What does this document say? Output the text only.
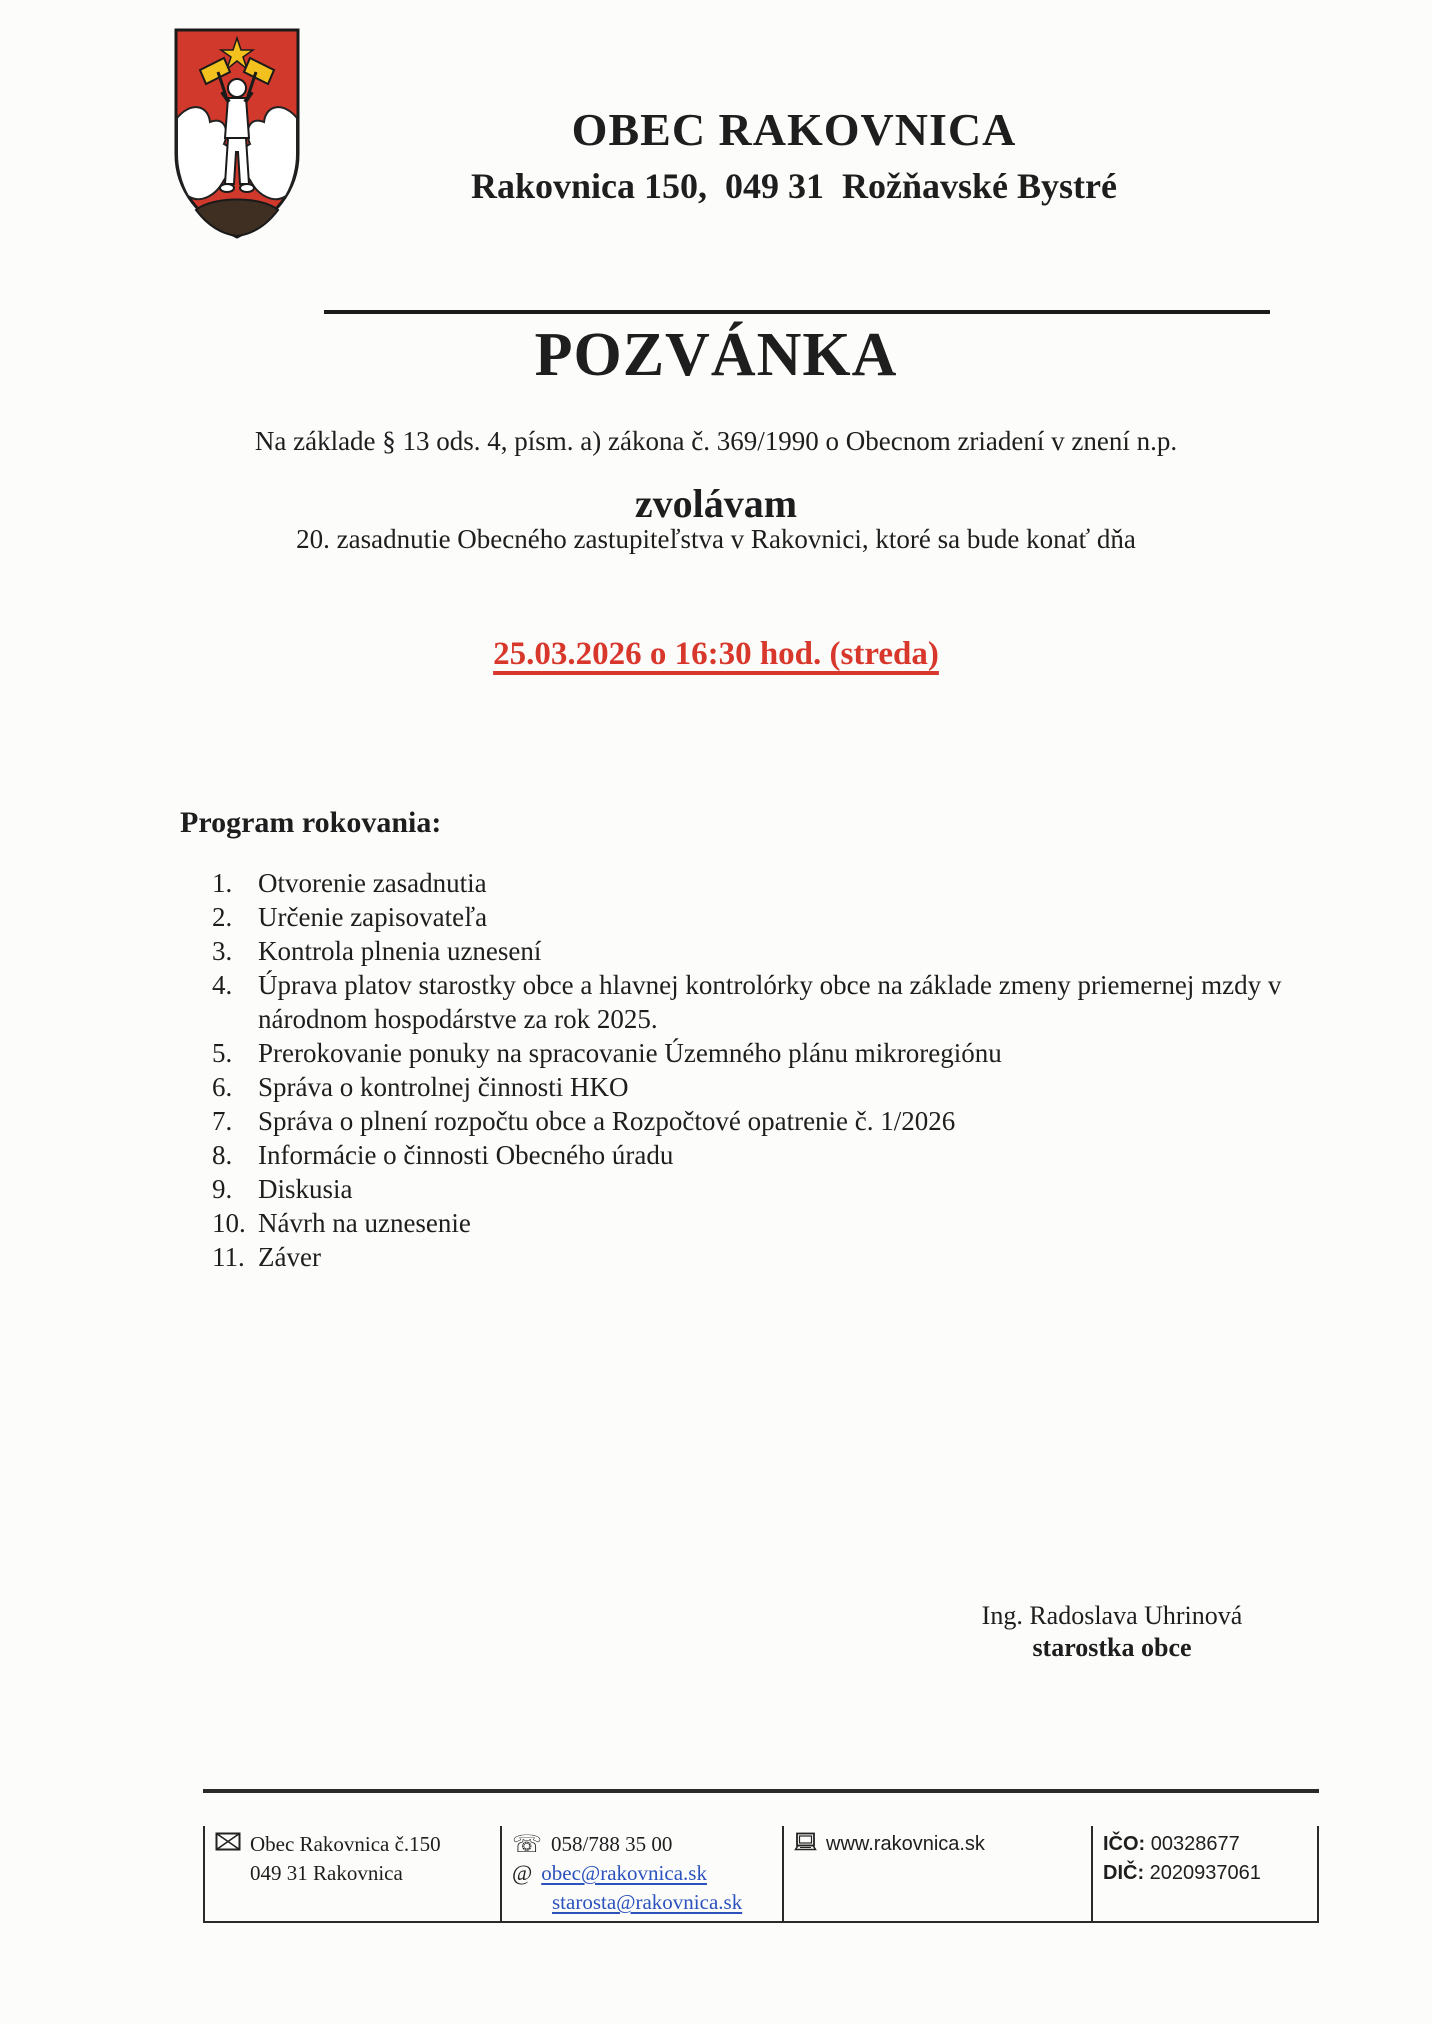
OBEC RAKOVNICA
Rakovnica 150,  049 31  Rožňavské Bystré
POZVÁNKA
Na základe § 13 ods. 4, písm. a) zákona č. 369/1990 o Obecnom zriadení v znení n.p.
zvolávam
20. zasadnutie Obecného zastupiteľstva v Rakovnici, ktoré sa bude konať dňa
25.03.2026 o 16:30 hod. (streda)
Program rokovania:
Otvorenie zasadnutia
Určenie zapisovateľa
Kontrola plnenia uznesení
Úprava platov starostky obce a hlavnej kontrolórky obce na základe zmeny priemernej mzdy v národnom hospodárstve za rok 2025.
Prerokovanie ponuky na spracovanie Územného plánu mikroregiónu
Správa o kontrolnej činnosti HKO
Správa o plnení rozpočtu obce a Rozpočtové opatrenie č. 1/2026
Informácie o činnosti Obecného úradu
Diskusia
Návrh na uznesenie
Záver
Ing. Radoslava Uhrinová
starostka obce
Obec Rakovnica č.150
049 31 Rakovnica
☏ 058/788 35 00
@ obec@rakovnica.sk
starosta@rakovnica.sk
www.rakovnica.sk	IČO: 00328677
DIČ: 2020937061
